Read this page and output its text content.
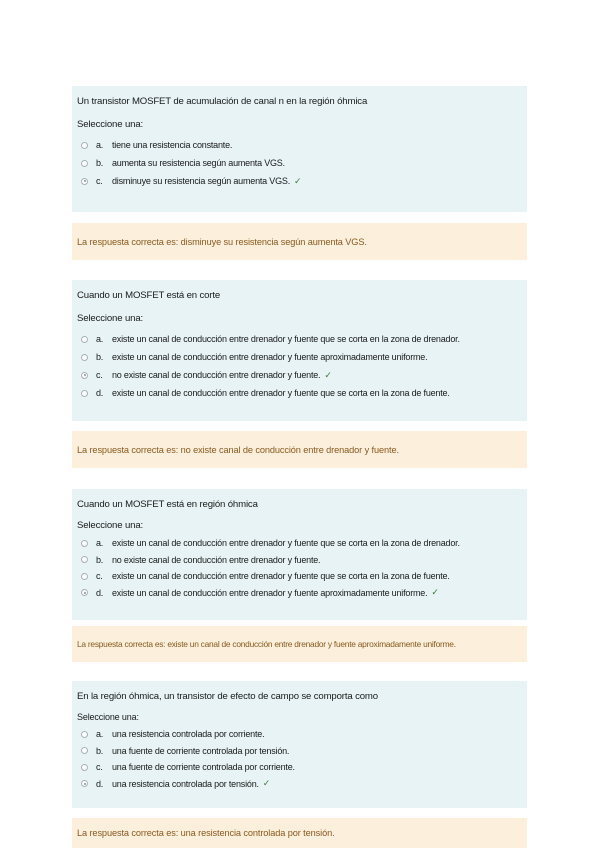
Un transistor MOSFET de acumulación de canal n en la región óhmica
Seleccione una:
a. tiene una resistencia constante.
b. aumenta su resistencia según aumenta VGS.
c.	disminuye su resistencia según aumenta VGS. ✓
La respuesta correcta es: disminuye su resistencia según aumenta VGS.
Cuando un MOSFET está en corte
Seleccione una:
a. existe un canal de conducción entre drenador y fuente que se corta en la zona de drenador.
b. existe un canal de conducción entre drenador y fuente aproximadamente uniforme.
c.	no existe canal de conducción entre drenador y fuente. ✓
d. existe un canal de conducción entre drenador y fuente que se corta en la zona de fuente.
La respuesta correcta es: no existe canal de conducción entre drenador y fuente.
Cuando un MOSFET está en región óhmica
Seleccione una:
a. existe un canal de conducción entre drenador y fuente que se corta en la zona de drenador.
b. no existe canal de conducción entre drenador y fuente.
c.	existe un canal de conducción entre drenador y fuente que se corta en la zona de fuente.
d. existe un canal de conducción entre drenador y fuente aproximadamente uniforme. ✓
La respuesta correcta es: existe un canal de conducción entre drenador y fuente aproximadamente uniforme.
En la región óhmica, un transistor de efecto de campo se comporta como
Seleccione una:
a. una resistencia controlada por corriente.
b. una fuente de corriente controlada por tensión.
c.	una fuente de corriente controlada por corriente.
d. una resistencia controlada por tensión. ✓
La respuesta correcta es: una resistencia controlada por tensión.
